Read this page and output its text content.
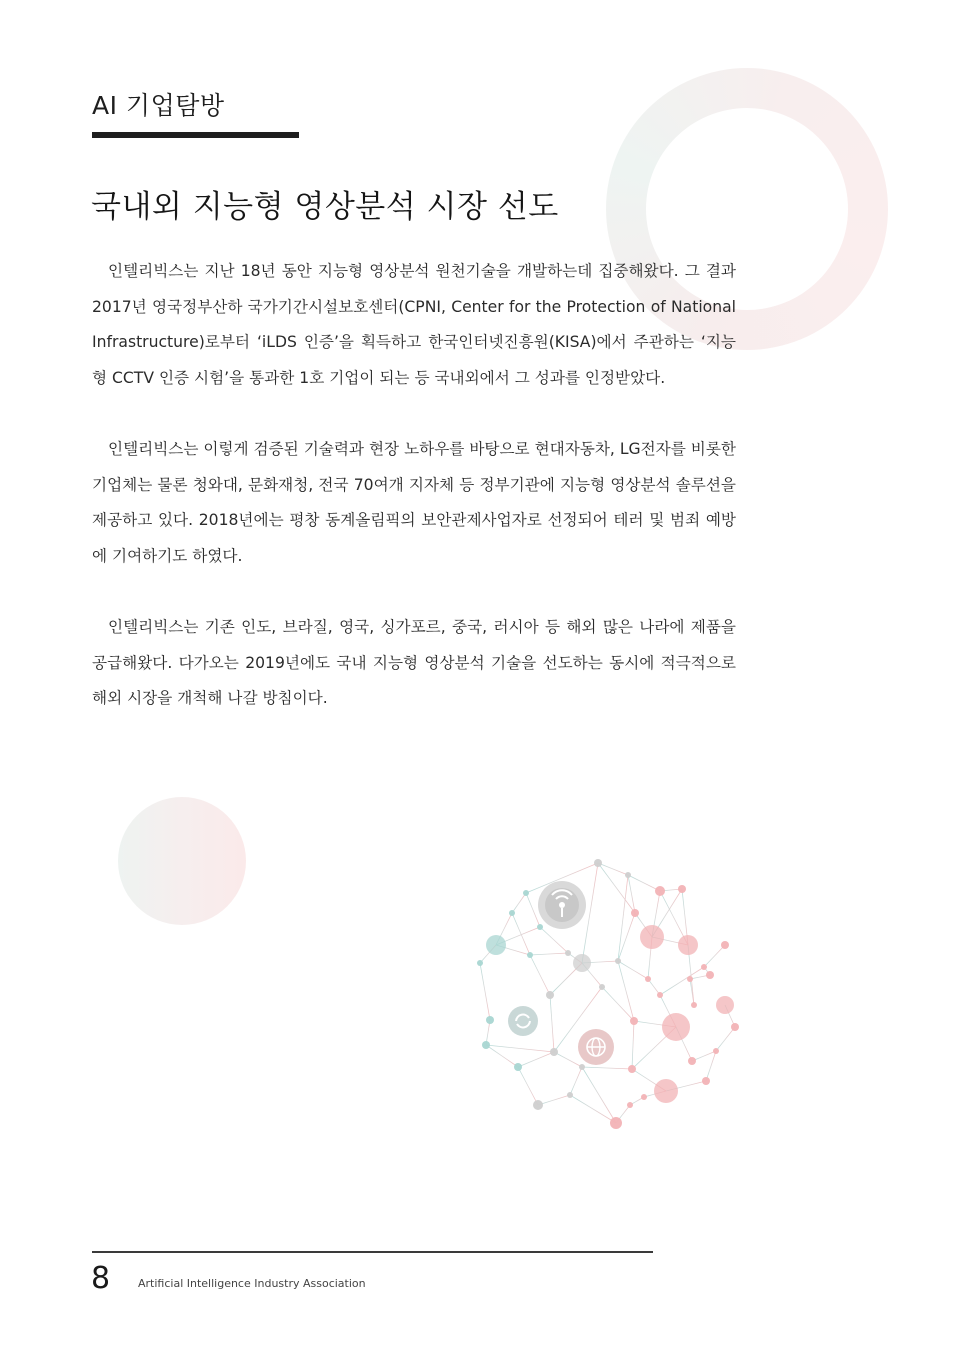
AI 기업탐방
국내외 지능형 영상분석 시장 선도

인텔리빅스는 지난 18년 동안 지능형 영상분석 원천기술을 개발하는데 집중해왔다. 그 결과 2017년 영국정부산하 국가기간시설보호센터(CPNI, Center for the Protection of National Infrastructure)로부터 ‘iLDS 인증’을 획득하고 한국인터넷진흥원(KISA)에서 주관하는 ‘지능형 CCTV 인증 시험’을 통과한 1호 기업이 되는 등 국내외에서 그 성과를 인정받았다.

인텔리빅스는 이렇게 검증된 기술력과 현장 노하우를 바탕으로 현대자동차, LG전자를 비롯한 기업체는 물론 청와대, 문화재청, 전국 70여개 지자체 등 정부기관에 지능형 영상분석 솔루션을 제공하고 있다. 2018년에는 평창 동계올림픽의 보안관제사업자로 선정되어 테러 및 범죄 예방에 기여하기도 하였다.

인텔리빅스는 기존 인도, 브라질, 영국, 싱가포르, 중국, 러시아 등 해외 많은 나라에 제품을 공급해왔다. 다가오는 2019년에도 국내 지능형 영상분석 기술을 선도하는 동시에 적극적으로 해외 시장을 개척해 나갈 방침이다.

8	Artificial Intelligence Industry Association
